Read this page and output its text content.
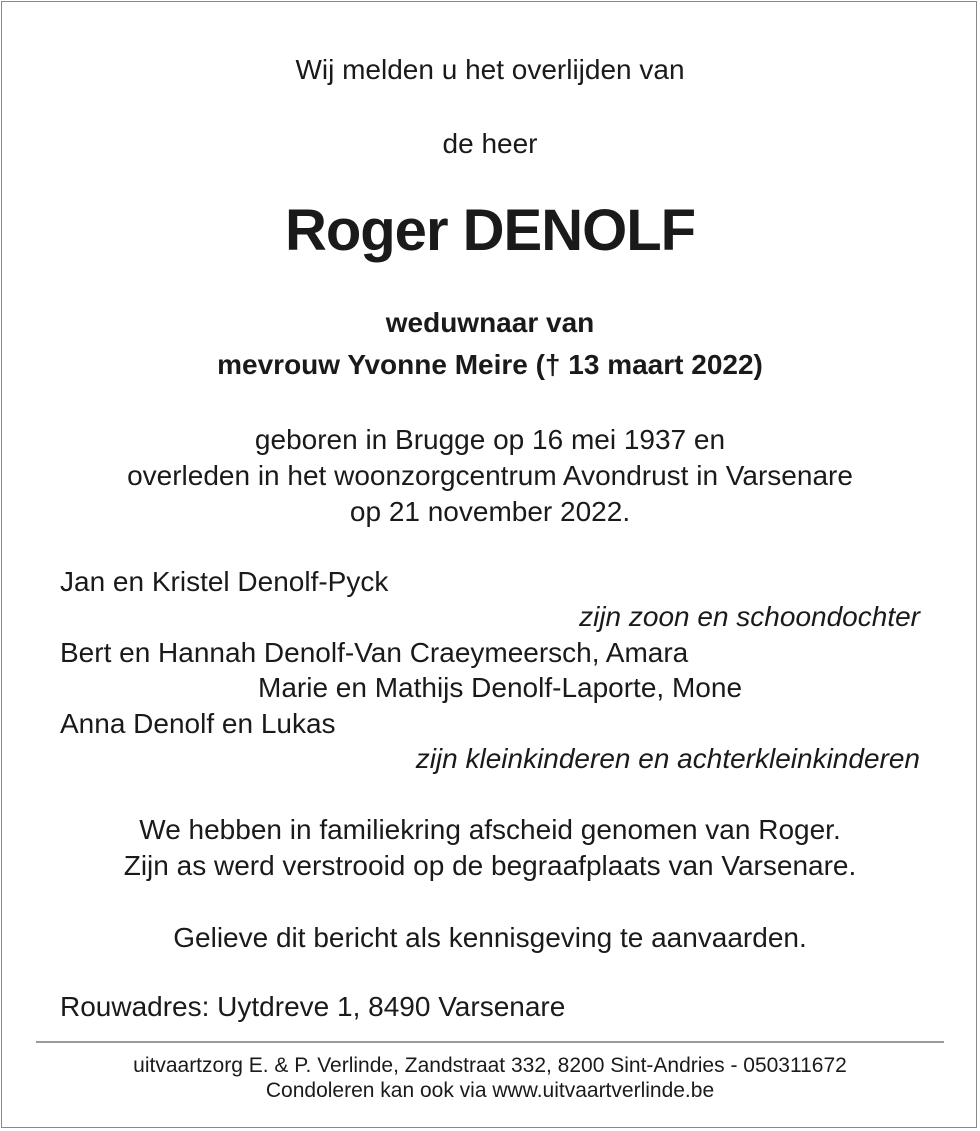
Wij melden u het overlijden van
de heer
Roger DENOLF
weduwnaar van
mevrouw Yvonne Meire († 13 maart 2022)
geboren in Brugge op 16 mei 1937 en
overleden in het woonzorgcentrum Avondrust in Varsenare
op 21 november 2022.
Jan en Kristel Denolf-Pyck
zijn zoon en schoondochter
Bert en Hannah Denolf-Van Craeymeersch, Amara
Marie en Mathijs Denolf-Laporte, Mone
Anna Denolf en Lukas
zijn kleinkinderen en achterkleinkinderen
We hebben in familiekring afscheid genomen van Roger.
Zijn as werd verstrooid op de begraafplaats van Varsenare.
Gelieve dit bericht als kennisgeving te aanvaarden.
Rouwadres: Uytdreve 1, 8490 Varsenare
uitvaartzorg E. & P. Verlinde, Zandstraat 332, 8200 Sint-Andries - 050311672
Condoleren kan ook via www.uitvaartverlinde.be
